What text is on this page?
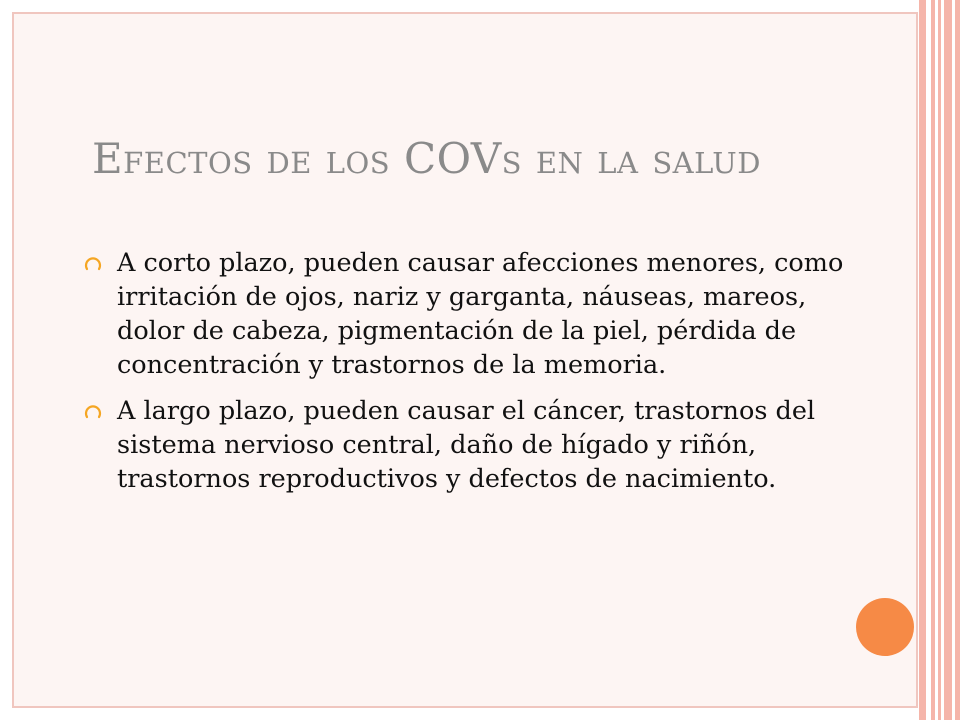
Efectos de los COVs en la salud
A corto plazo, pueden causar afecciones menores, como irritación de ojos, nariz y garganta, náuseas, mareos, dolor de cabeza, pigmentación de la piel, pérdida de concentración y trastornos de la memoria.
A largo plazo, pueden causar el cáncer, trastornos del sistema nervioso central, daño de hígado y riñón, trastornos reproductivos y defectos de nacimiento.
